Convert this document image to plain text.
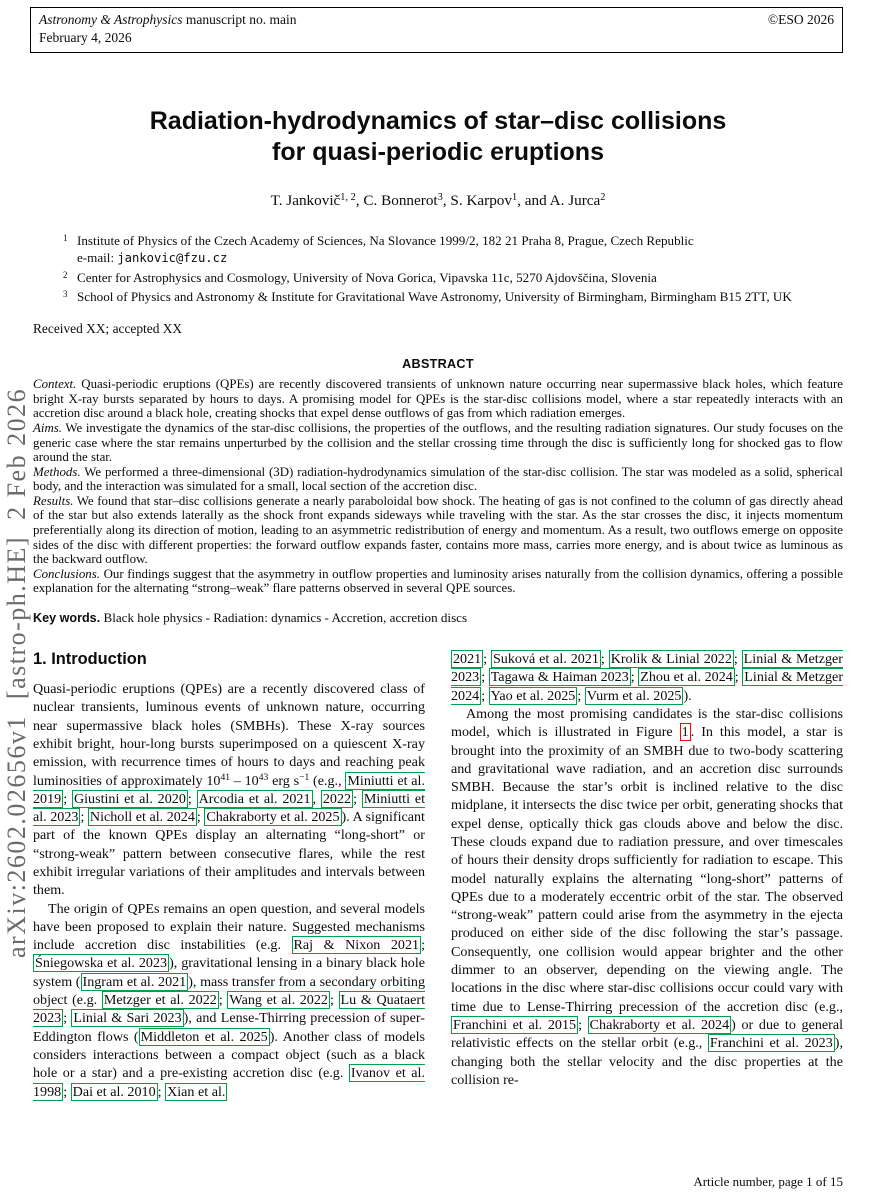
Astronomy & Astrophysics manuscript no. main
February 4, 2026
©ESO 2026
arXiv:2602.02656v1  [astro-ph.HE]  2 Feb 2026
Radiation-hydrodynamics of star–disc collisions
for quasi-periodic eruptions
T. Jankovič$^{1, 2}$, C. Bonnerot$^3$, S. Karpov$^1$, and A. Jurca$^2$
1 Institute of Physics of the Czech Academy of Sciences, Na Slovance 1999/2, 182 21 Praha 8, Prague, Czech Republic
e-mail: jankovic@fzu.cz
2 Center for Astrophysics and Cosmology, University of Nova Gorica, Vipavska 11c, 5270 Ajdovščina, Slovenia
3 School of Physics and Astronomy & Institute for Gravitational Wave Astronomy, University of Birmingham, Birmingham B15 2TT, UK
Received XX; accepted XX
ABSTRACT

Context. Quasi-periodic eruptions (QPEs) are recently discovered transients of unknown nature occurring near supermassive black holes, which feature bright X-ray bursts separated by hours to days. A promising model for QPEs is the star-disc collisions model, where a star repeatedly interacts with an accretion disc around a black hole, creating shocks that expel dense outflows of gas from which radiation emerges.

Aims. We investigate the dynamics of the star-disc collisions, the properties of the outflows, and the resulting radiation signatures. Our study focuses on the generic case where the star remains unperturbed by the collision and the stellar crossing time through the disc is sufficiently long for shocked gas to flow around the star.

Methods. We performed a three-dimensional (3D) radiation-hydrodynamics simulation of the star-disc collision. The star was modeled as a solid, spherical body, and the interaction was simulated for a small, local section of the accretion disc.

Results. We found that star–disc collisions generate a nearly paraboloidal bow shock. The heating of gas is not confined to the column of gas directly ahead of the star but also extends laterally as the shock front expands sideways while traveling with the star. As the star crosses the disc, it injects momentum preferentially along its direction of motion, leading to an asymmetric redistribution of energy and momentum. As a result, two outflows emerge on opposite sides of the disc with different properties: the forward outflow expands faster, contains more mass, carries more energy, and is about twice as luminous as the backward outflow.

Conclusions. Our findings suggest that the asymmetry in outflow properties and luminosity arises naturally from the collision dynamics, offering a possible explanation for the alternating “strong–weak” flare patterns observed in several QPE sources.

Key words. Black hole physics - Radiation: dynamics - Accretion, accretion discs
1. Introduction

Quasi-periodic eruptions (QPEs) are a recently discovered class of nuclear transients, luminous events of unknown nature, occurring near supermassive black holes (SMBHs). These X-ray sources exhibit bright, hour-long bursts superimposed on a quiescent X-ray emission, with recurrence times of hours to days and reaching peak luminosities of approximately $10^{41} - 10^{43}$ erg $s^{-1}$ (e.g., Miniutti et al. 2019 ; Giustini et al. 2020 ; Arcodia et al. 2021 , 2022 ; Miniutti et al. 2023 ; Nicholl et al. 2024 ; Chakraborty et al. 2025 ). A significant part of the known QPEs display an alternating “long-short” or “strong-weak” pattern between consecutive flares, while the rest exhibit irregular variations of their amplitudes and intervals between them.

The origin of QPEs remains an open question, and several models have been proposed to explain their nature. Suggested mechanisms include accretion disc instabilities (e.g. Raj & Nixon 2021 ; Śniegowska et al. 2023 ), gravitational lensing in a binary black hole system ( Ingram et al. 2021 ), mass transfer from a secondary orbiting object (e.g. Metzger et al. 2022 ; Wang et al. 2022 ; Lu & Quataert 2023 ; Linial & Sari 2023 ), and Lense-Thirring precession of super-Eddington flows ( Middleton et al. 2025 ). Another class of models considers interactions between a compact object (such as a black hole or a star) and a pre-existing accretion disc (e.g. Ivanov et al. 1998 ; Dai et al. 2010 ; Xian et al.

2021 ; Suková et al. 2021 ; Krolik & Linial 2022 ; Linial & Metzger 2023 ; Tagawa & Haiman 2023 ; Zhou et al. 2024 ; Linial & Metzger 2024 ; Yao et al. 2025 ; Vurm et al. 2025 ).

Among the most promising candidates is the star-disc collisions model, which is illustrated in Figure 1 . In this model, a star is brought into the proximity of an SMBH due to two-body scattering and gravitational wave radiation, and an accretion disc surrounds SMBH. Because the star’s orbit is inclined relative to the disc midplane, it intersects the disc twice per orbit, generating shocks that expel dense, optically thick gas clouds above and below the disc. These clouds expand due to radiation pressure, and over timescales of hours their density drops sufficiently for radiation to escape. This model naturally explains the alternating “long-short” patterns of QPEs due to a moderately eccentric orbit of the star. The observed “strong-weak” pattern could arise from the asymmetry in the ejecta produced on either side of the disc following the star’s passage. Consequently, one collision would appear brighter and the other dimmer to an observer, depending on the viewing angle. The locations in the disc where star-disc collisions occur could vary with time due to Lense-Thirring precession of the accretion disc (e.g., Franchini et al. 2015 ; Chakraborty et al. 2024 ) or due to general relativistic effects on the stellar orbit (e.g., Franchini et al. 2023 ), changing both the stellar velocity and the disc properties at the collision re-

Article number, page 1 of 15
